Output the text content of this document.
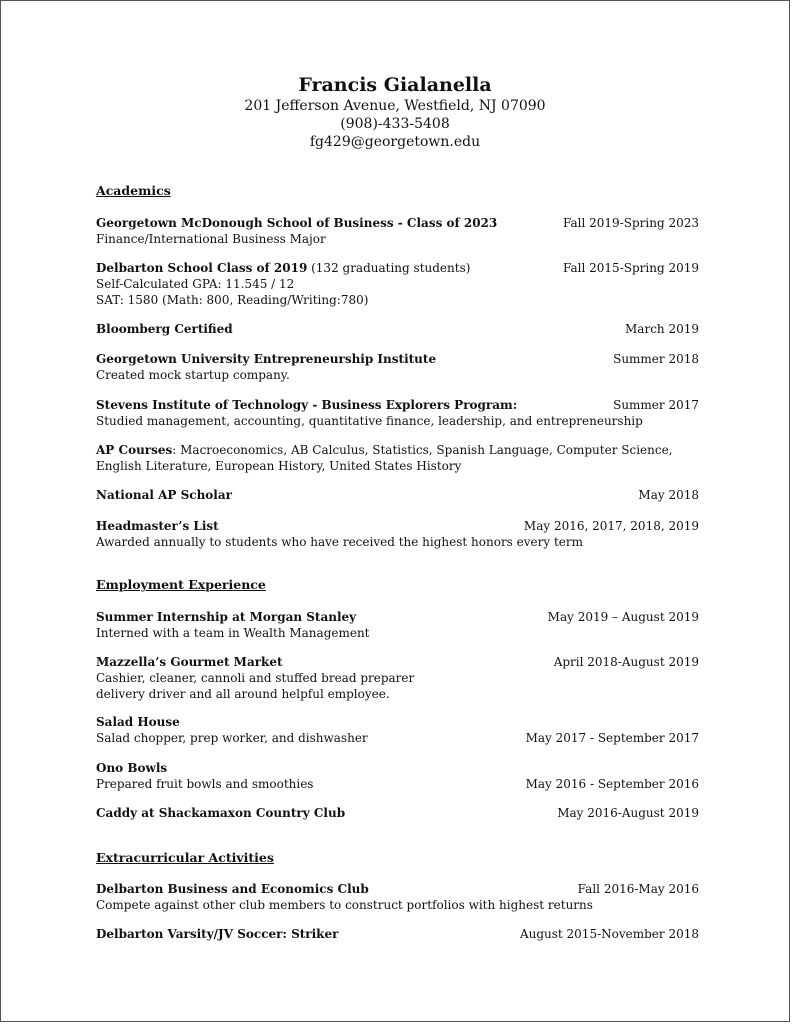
Francis Gialanella
201 Jefferson Avenue, Westfield, NJ 07090
(908)-433-5408
fg429@georgetown.edu
Academics
Georgetown McDonough School of Business - Class of 2023	Fall 2019-Spring 2023
Finance/International Business Major
Delbarton School Class of 2019 (132 graduating students)	Fall 2015-Spring 2019
Self-Calculated GPA: 11.545 / 12
SAT: 1580 (Math: 800, Reading/Writing:780)
Bloomberg Certified	March 2019
Georgetown University Entrepreneurship Institute	Summer 2018
Created mock startup company.
Stevens Institute of Technology - Business Explorers Program:	Summer 2017
Studied management, accounting, quantitative finance, leadership, and entrepreneurship
AP Courses: Macroeconomics, AB Calculus, Statistics, Spanish Language, Computer Science,
English Literature, European History, United States History
National AP Scholar	May 2018
Headmaster’s List	May 2016, 2017, 2018, 2019
Awarded annually to students who have received the highest honors every term
Employment Experience
Summer Internship at Morgan Stanley	May 2019 – August 2019
Interned with a team in Wealth Management
Mazzella’s Gourmet Market	April 2018-August 2019
Cashier, cleaner, cannoli and stuffed bread preparer
delivery driver and all around helpful employee.
Salad House
Salad chopper, prep worker, and dishwasher	May 2017 - September 2017
Ono Bowls
Prepared fruit bowls and smoothies	May 2016 - September 2016
Caddy at Shackamaxon Country Club	May 2016-August 2019
Extracurricular Activities
Delbarton Business and Economics Club	Fall 2016-May 2016
Compete against other club members to construct portfolios with highest returns
Delbarton Varsity/JV Soccer: Striker	August 2015-November 2018
